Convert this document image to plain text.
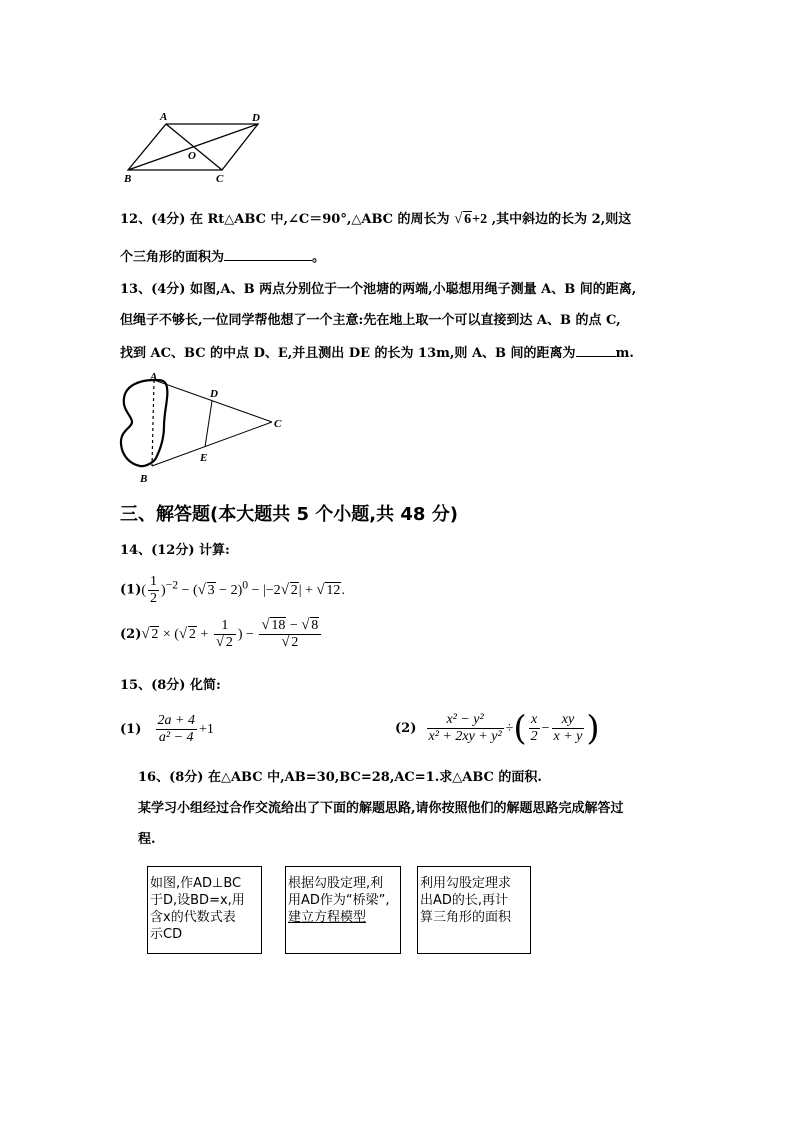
A	D
O
B	C
12、(4分) 在 Rt△ABC 中,∠C＝90°,△ABC 的周长为 √ 6+2 ,其中斜边的长为 2,则这
个三角形的面积为	。
13、(4分) 如图,A、B 两点分别位于一个池塘的两端,小聪想用绳子测量 A、B 间的距离,
但绳子不够长,一位同学帮他想了一个主意:先在地上取一个可以直接到达 A、B 的点 C,
找到 AC、BC 的中点 D、E,并且测出 DE 的长为 13m,则 A、B 间的距离为	m.
A
D
C
E
B
三、解答题(本大题共 5 个小题,共 48 分)
14、(12分) 计算:
$(1)( \frac{1}{2} )^{-2}$ − ( √ 3 − 2)$^0$ − |−2 √ 2| + √ 12.
(2) √ 2 × ( √ 2 + 1
√ 2 ) − √ 18 − √ 8
√ 2
15、(8分) 化简:
$(1) \frac{2a + 4}{\text{a² − 4}} +1$	$(2) \frac{\text{x² − y²}}{\text{x² + 2xy + y²}}$ ÷( $\frac{x}{2} - \frac{xy}{x + y}$ )
16、(8分) 在△ABC 中,AB=30,BC=28,AC=1.求△ABC 的面积.
某学习小组经过合作交流给出了下面的解题思路,请你按照他们的解题思路完成解答过
程.
如图,作AD⊥BC
于D,设BD=x,用
含x的代数式表
示CD
根据勾股定理,利
用AD作为“桥梁”,
建立方程模型
利用勾股定理求
出AD的长,再计
算三角形的面积
